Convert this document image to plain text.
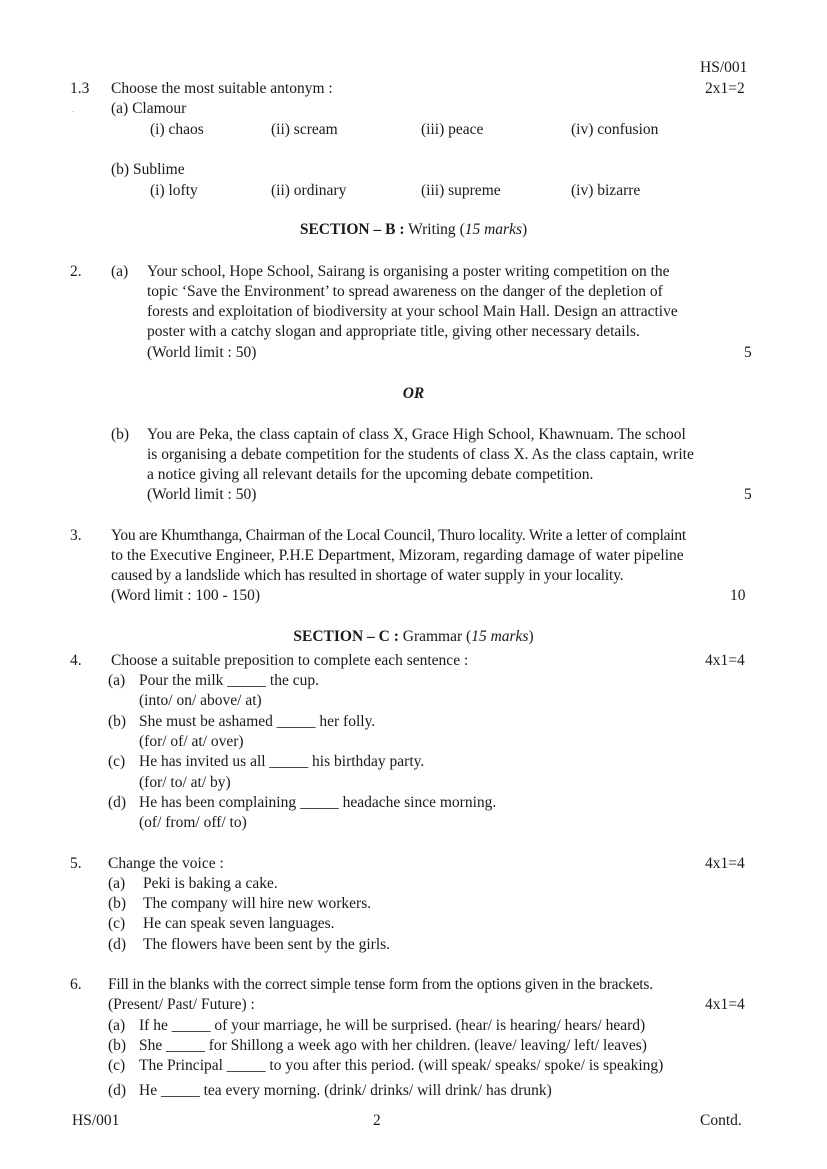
HS/001
1.3 Choose the most suitable antonym :	2x1=2
. (a) Clamour
(i) chaos	(ii) scream	(iii) peace	(iv) confusion
(b) Sublime
(i) lofty	(ii) ordinary	(iii) supreme	(iv) bizarre
SECTION – B : Writing (15 marks)
2. (a) Your school, Hope School, Sairang is organising a poster writing competition on the
topic ‘Save the Environment’ to spread awareness on the danger of the depletion of
forests and exploitation of biodiversity at your school Main Hall. Design an attractive
poster with a catchy slogan and appropriate title, giving other necessary details.
(World limit : 50)	5
OR
(b) You are Peka, the class captain of class X, Grace High School, Khawnuam. The school
is organising a debate competition for the students of class X. As the class captain, write
a notice giving all relevant details for the upcoming debate competition.
(World limit : 50)	5
3. You are Khumthanga, Chairman of the Local Council, Thuro locality. Write a letter of complaint
to the Executive Engineer, P.H.E Department, Mizoram, regarding damage of water pipeline
caused by a landslide which has resulted in shortage of water supply in your locality.
(Word limit : 100 - 150)	10
SECTION – C : Grammar (15 marks)
4. Choose a suitable preposition to complete each sentence :	4x1=4
(a) Pour the milk _____ the cup.
(into/ on/ above/ at)
(b) She must be ashamed _____ her folly.
(for/ of/ at/ over)
(c) He has invited us all _____ his birthday party.
(for/ to/ at/ by)
(d) He has been complaining _____ headache since morning.
(of/ from/ off/ to)
5. Change the voice :	4x1=4
(a) Peki is baking a cake.
(b) The company will hire new workers.
(c) He can speak seven languages.
(d) The flowers have been sent by the girls.
6. Fill in the blanks with the correct simple tense form from the options given in the brackets.
(Present/ Past/ Future) :	4x1=4
(a) If he _____ of your marriage, he will be surprised. (hear/ is hearing/ hears/ heard)
(b) She _____ for Shillong a week ago with her children. (leave/ leaving/ left/ leaves)
(c) The Principal _____ to you after this period. (will speak/ speaks/ spoke/ is speaking)
(d) He _____ tea every morning. (drink/ drinks/ will drink/ has drunk)
HS/001	2	Contd.
